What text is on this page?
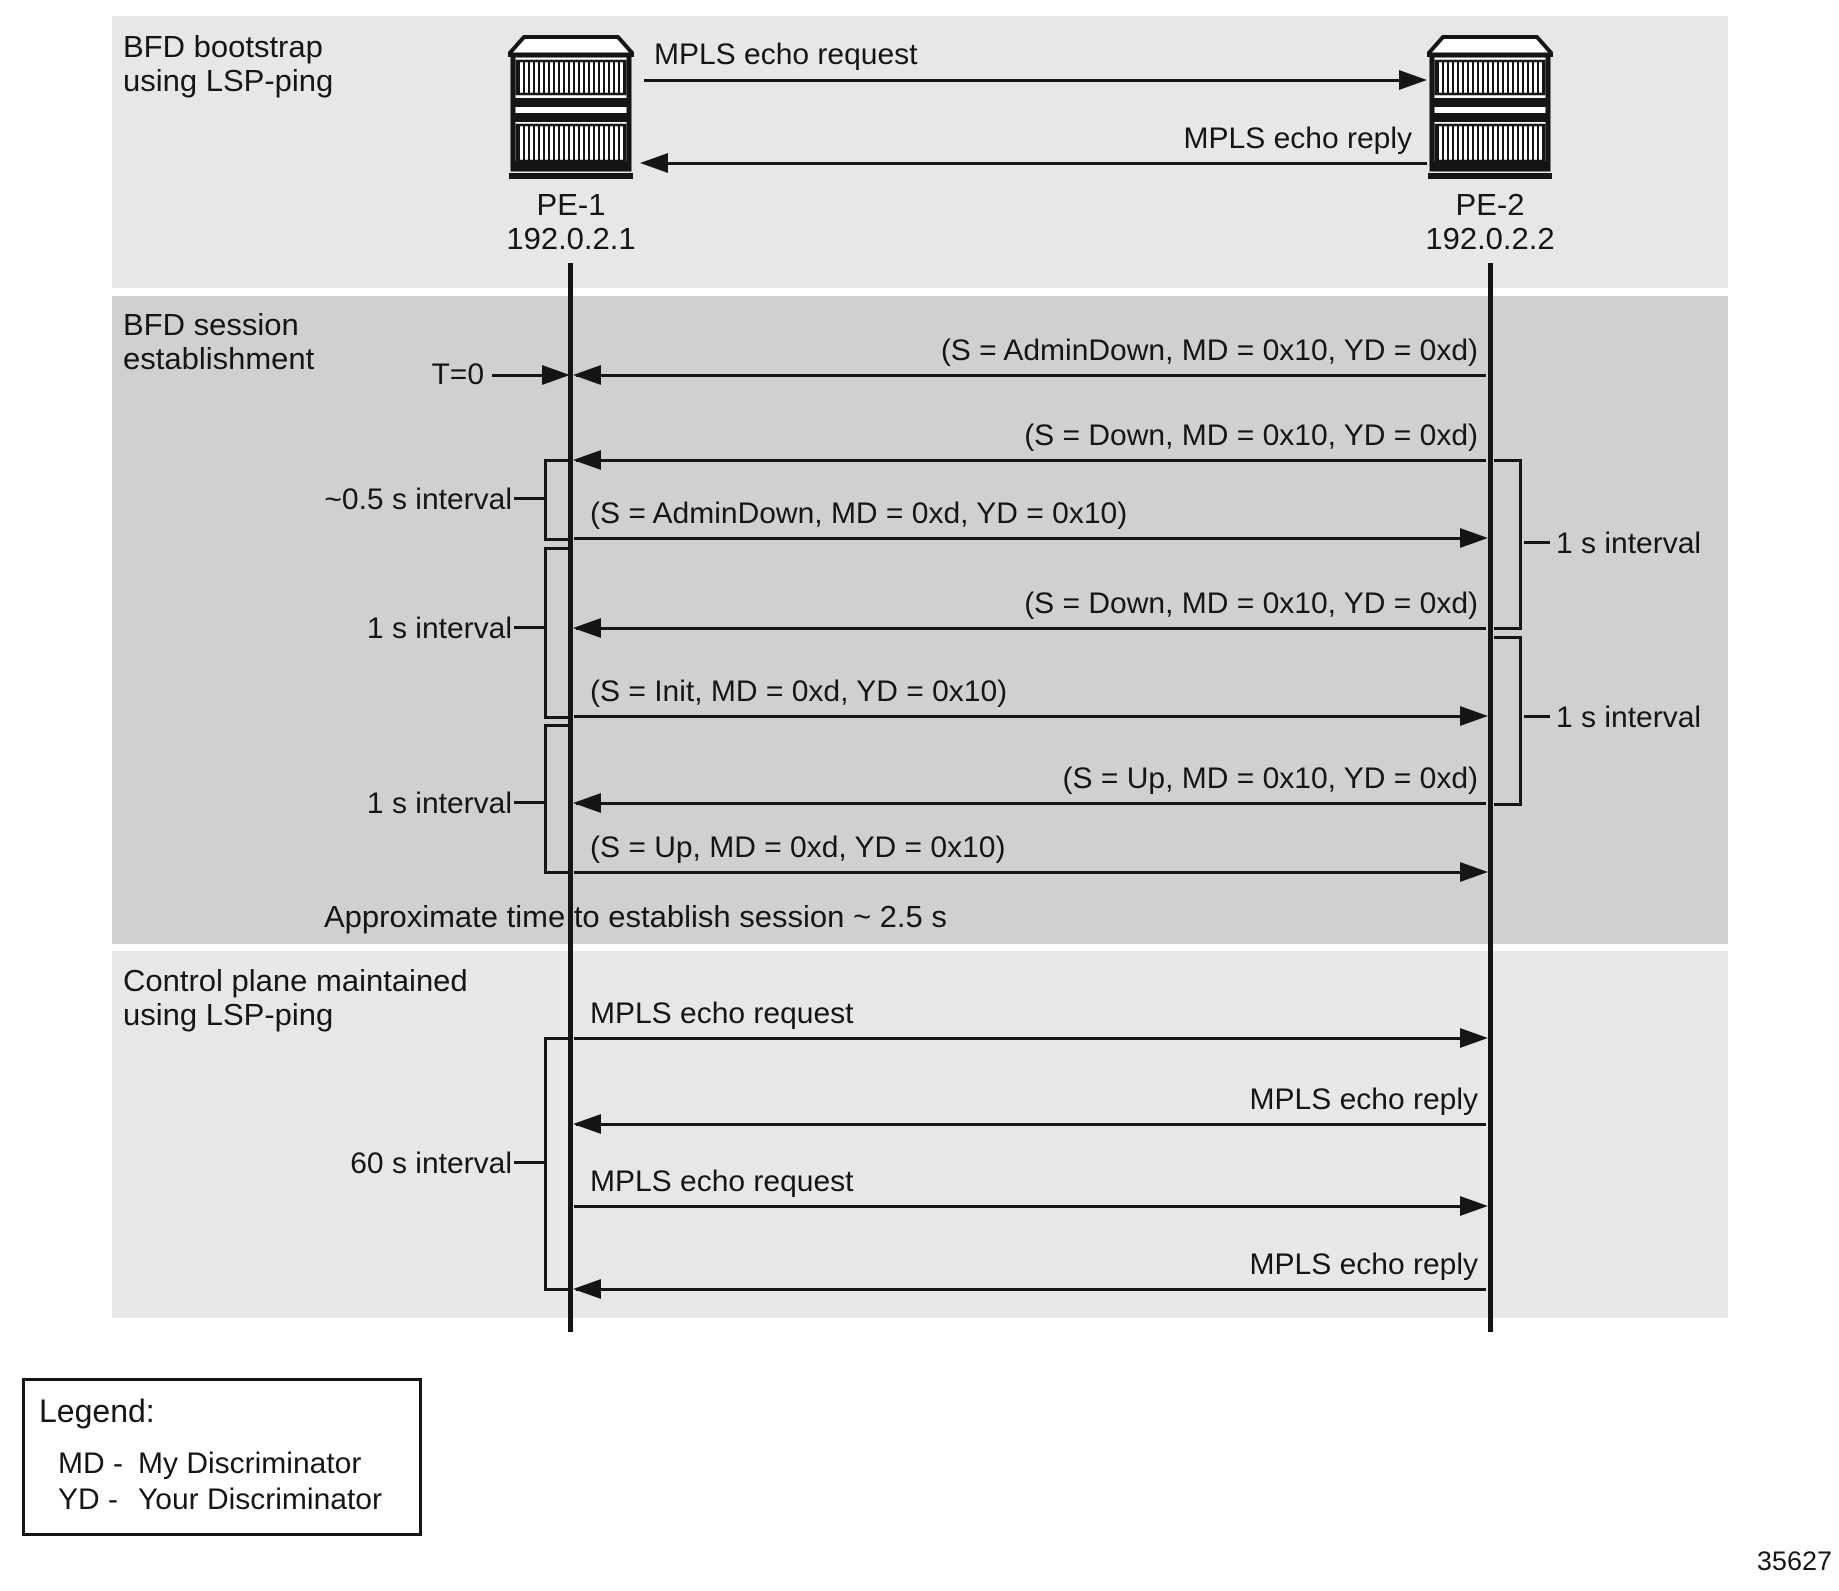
BFD bootstrap
using LSP-ping
BFD session
establishment
Control plane maintained
using LSP-ping
PE-1
192.0.2.1
PE-2
192.0.2.2
MPLS echo request
MPLS echo reply
T=0
(S = AdminDown, MD = 0x10, YD = 0xd)
(S = Down, MD = 0x10, YD = 0xd)
(S = AdminDown, MD = 0xd, YD = 0x10)
(S = Down, MD = 0x10, YD = 0xd)
(S = Init, MD = 0xd, YD = 0x10)
(S = Up, MD = 0x10, YD = 0xd)
(S = Up, MD = 0xd, YD = 0x10)
~0.5 s interval
1 s interval
1 s interval
1 s interval
1 s interval
Approximate time to establish session ~ 2.5 s
MPLS echo request
MPLS echo reply
MPLS echo request
MPLS echo reply
60 s interval
Legend:
MD - My Discriminator
YD - Your Discriminator
35627
